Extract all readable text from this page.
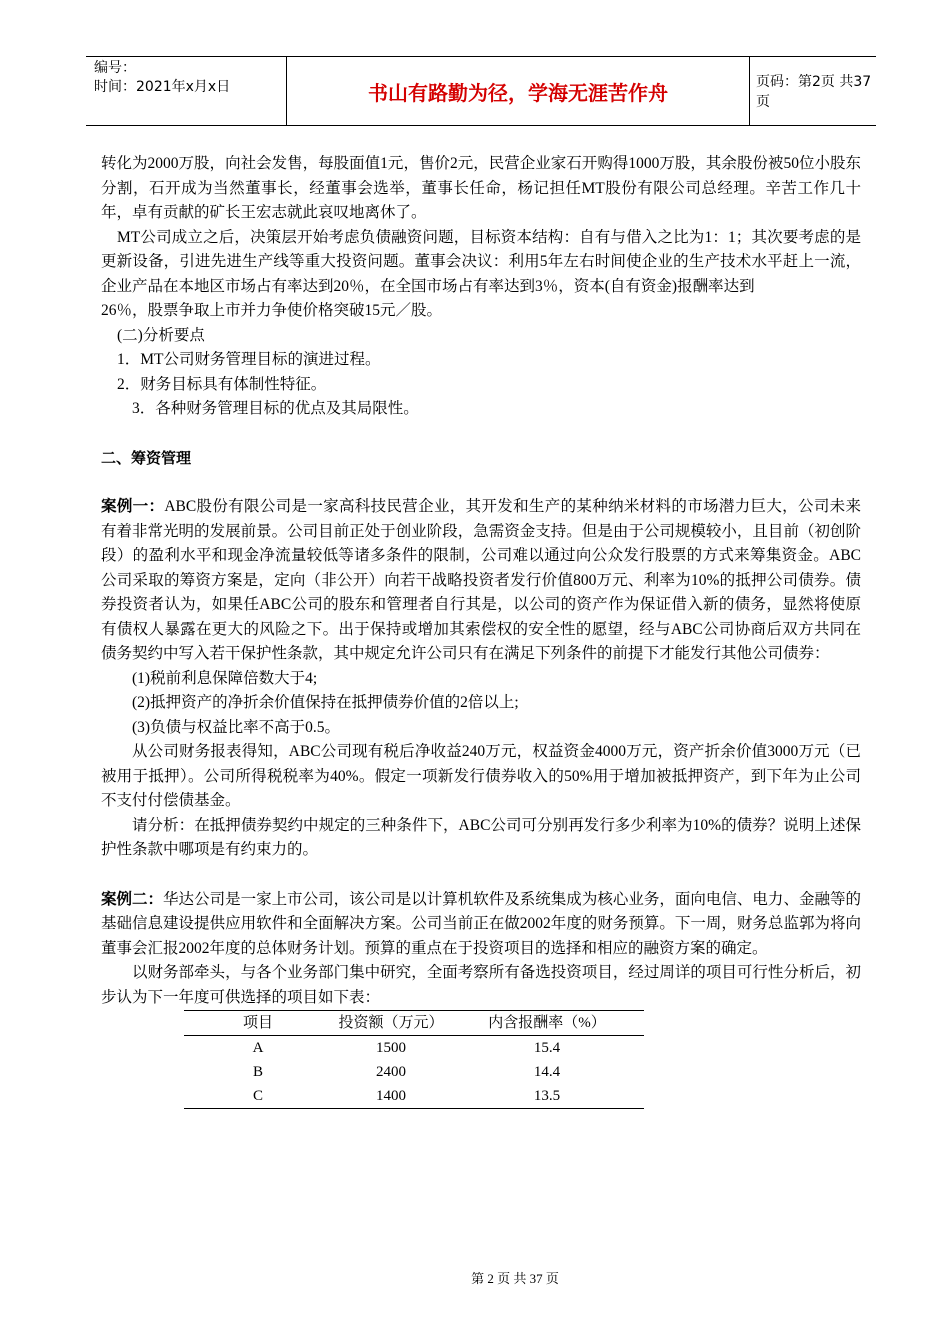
编号：
时间：2021年x月x日	书山有路勤为径，学海无涯苦作舟	页码：第2页 共37页

转化为2000万股，向社会发售，每股面值1元，售价2元，民营企业家石开购得1000万股，其余股份被50位小股东分割，石开成为当然董事长，经董事会选举，董事长任命，杨记担任MT股份有限公司总经理。辛苦工作几十年，卓有贡献的矿长王宏志就此哀叹地离休了。

MT公司成立之后，决策层开始考虑负债融资问题，目标资本结构：自有与借入之比为1：1；其次要考虑的是更新设备，引进先进生产线等重大投资问题。董事会决议：利用5年左右时间使企业的生产技术水平赶上一流，企业产品在本地区市场占有率达到20％，在全国市场占有率达到3％，资本(自有资金)报酬率达到

26％，股票争取上市并力争使价格突破15元／股。

(二)分析要点

1．MT公司财务管理目标的演进过程。

2．财务目标具有体制性特征。

3．各种财务管理目标的优点及其局限性。

二、筹资管理

案例一：ABC股份有限公司是一家高科技民营企业，其开发和生产的某种纳米材料的市场潜力巨大，公司未来有着非常光明的发展前景。公司目前正处于创业阶段，急需资金支持。但是由于公司规模较小，且目前（初创阶段）的盈利水平和现金净流量较低等诸多条件的限制，公司难以通过向公众发行股票的方式来筹集资金。ABC公司采取的筹资方案是，定向（非公开）向若干战略投资者发行价值800万元、利率为10%的抵押公司债券。债券投资者认为，如果任ABC公司的股东和管理者自行其是，以公司的资产作为保证借入新的债务，显然将使原有债权人暴露在更大的风险之下。出于保持或增加其索偿权的安全性的愿望，经与ABC公司协商后双方共同在债务契约中写入若干保护性条款，其中规定允许公司只有在满足下列条件的前提下才能发行其他公司债券：

(1)税前利息保障倍数大于4;

(2)抵押资产的净折余价值保持在抵押债券价值的2倍以上;

(3)负债与权益比率不高于0.5。

从公司财务报表得知，ABC公司现有税后净收益240万元，权益资金4000万元，资产折余价值3000万元（已被用于抵押）。公司所得税税率为40%。假定一项新发行债券收入的50%用于增加被抵押资产，到下年为止公司不支付付偿债基金。

请分析：在抵押债券契约中规定的三种条件下，ABC公司可分别再发行多少利率为10%的债券？说明上述保护性条款中哪项是有约束力的。

案例二：华达公司是一家上市公司，该公司是以计算机软件及系统集成为核心业务，面向电信、电力、金融等的基础信息建设提供应用软件和全面解决方案。公司当前正在做2002年度的财务预算。下一周，财务总监郭为将向董事会汇报2002年度的总体财务计划。预算的重点在于投资项目的选择和相应的融资方案的确定。

以财务部牵头，与各个业务部门集中研究，全面考察所有备选投资项目，经过周详的项目可行性分析后，初步认为下一年度可供选择的项目如下表：

项目	投资额（万元）	内含报酬率（%）
A	1500	15.4
B	2400	14.4
C	1400	13.5
第 2 页 共 37 页
